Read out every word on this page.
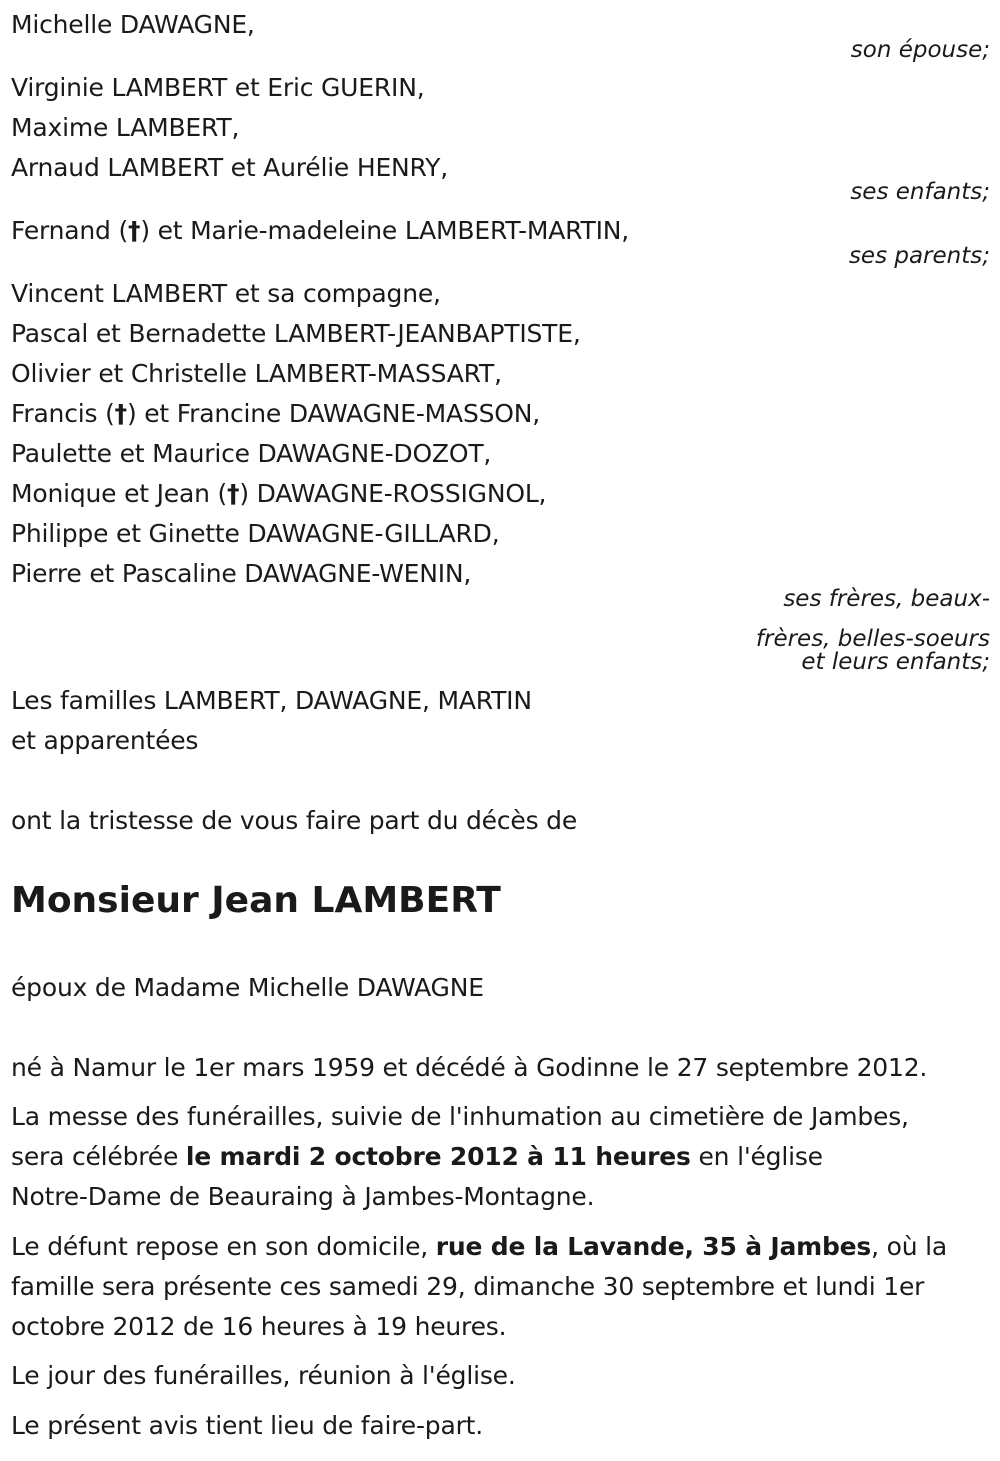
Michelle DAWAGNE,
son épouse;
Virginie LAMBERT et Eric GUERIN,
Maxime LAMBERT,
Arnaud LAMBERT et Aurélie HENRY,
ses enfants;
Fernand (†) et Marie-madeleine LAMBERT-MARTIN,
ses parents;
Vincent LAMBERT et sa compagne,
Pascal et Bernadette LAMBERT-JEANBAPTISTE,
Olivier et Christelle LAMBERT-MASSART,
Francis (†) et Francine DAWAGNE-MASSON,
Paulette et Maurice DAWAGNE-DOZOT,
Monique et Jean (†) DAWAGNE-ROSSIGNOL,
Philippe et Ginette DAWAGNE-GILLARD,
Pierre et Pascaline DAWAGNE-WENIN,
ses frères, beaux-
frères, belles-soeurs
et leurs enfants;
Les familles LAMBERT, DAWAGNE, MARTIN
et apparentées
ont la tristesse de vous faire part du décès de
Monsieur Jean LAMBERT
époux de Madame Michelle DAWAGNE
né à Namur le 1er mars 1959 et décédé à Godinne le 27 septembre 2012.
La messe des funérailles, suivie de l'inhumation au cimetière de Jambes,
sera célébrée le mardi 2 octobre 2012 à 11 heures en l'église
Notre-Dame de Beauraing à Jambes-Montagne.
Le défunt repose en son domicile, rue de la Lavande, 35 à Jambes, où la
famille sera présente ces samedi 29, dimanche 30 septembre et lundi 1er
octobre 2012 de 16 heures à 19 heures.
Le jour des funérailles, réunion à l'église.
Le présent avis tient lieu de faire-part.
